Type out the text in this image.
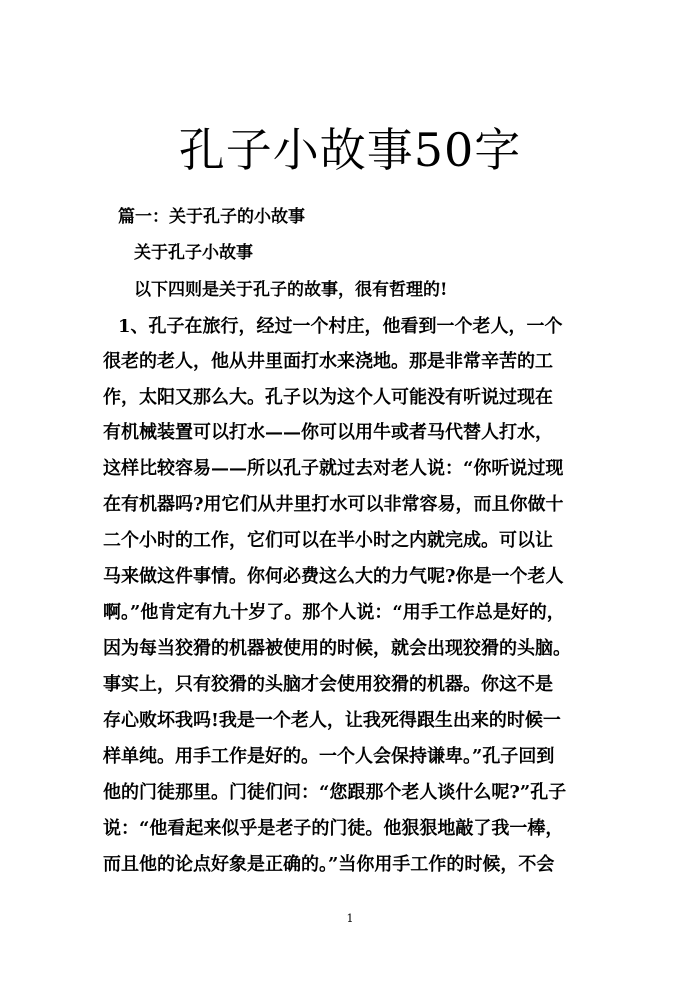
孔子小故事50字
篇一：关于孔子的小故事
关于孔子小故事
以下四则是关于孔子的故事，很有哲理的!
1、孔子在旅行，经过一个村庄，他看到一个老人，一个
很老的老人，他从井里面打水来浇地。那是非常辛苦的工
作，太阳又那么大。孔子以为这个人可能没有听说过现在
有机械装置可以打水——你可以用牛或者马代替人打水，
这样比较容易——所以孔子就过去对老人说：“你听说过现
在有机器吗?用它们从井里打水可以非常容易，而且你做十
二个小时的工作，它们可以在半小时之内就完成。可以让
马来做这件事情。你何必费这么大的力气呢?你是一个老人
啊。”他肯定有九十岁了。那个人说：“用手工作总是好的，
因为每当狡猾的机器被使用的时候，就会出现狡猾的头脑。
事实上，只有狡猾的头脑才会使用狡猾的机器。你这不是
存心败坏我吗!我是一个老人，让我死得跟生出来的时候一
样单纯。用手工作是好的。一个人会保持谦卑。”孔子回到
他的门徒那里。门徒们问：“您跟那个老人谈什么呢?”孔子
说：“他看起来似乎是老子的门徒。他狠狠地敲了我一棒，
而且他的论点好象是正确的。”当你用手工作的时候，不会
1
